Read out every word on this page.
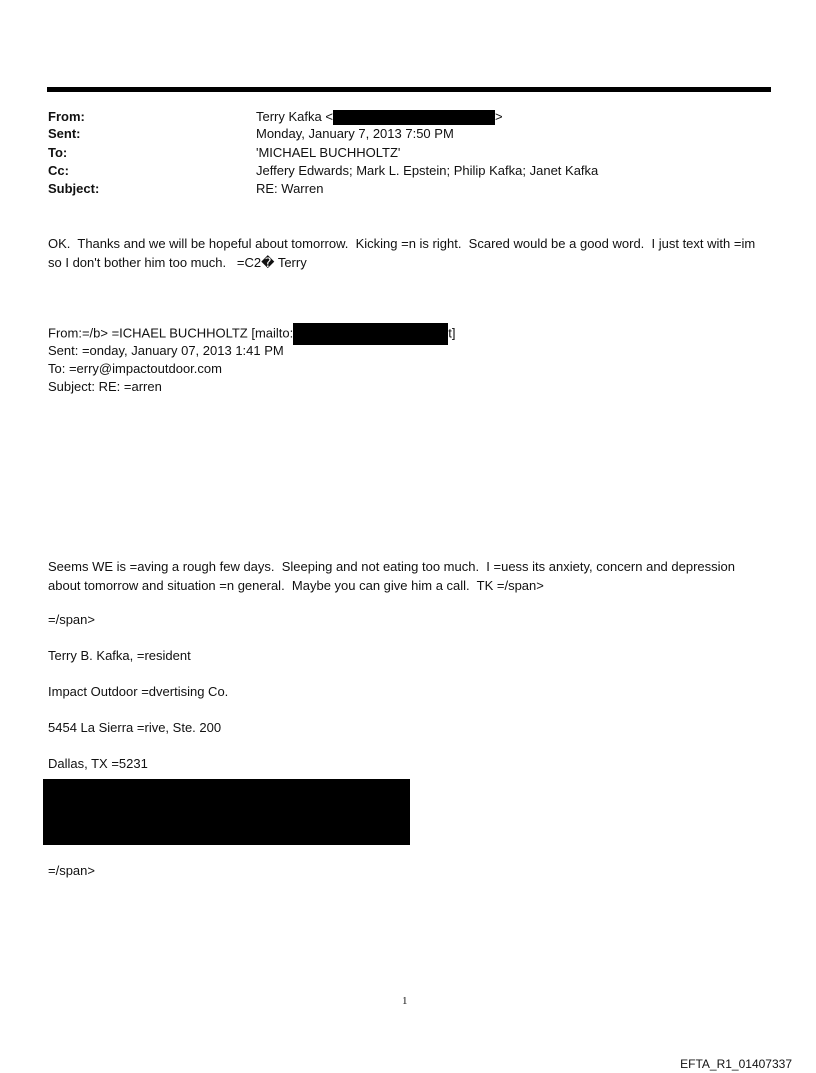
From:	Terry Kafka <	>
Sent:	Monday, January 7, 2013 7:50 PM
To:	'MICHAEL BUCHHOLTZ'
Cc:	Jeffery Edwards; Mark L. Epstein; Philip Kafka; Janet Kafka
Subject:	RE: Warren
OK.  Thanks and we will be hopeful about tomorrow.  Kicking =n is right.  Scared would be a good word.  I just text with =im so I don't bother him too much.   =C2� Terry
From:=/b> =ICHAEL BUCHHOLTZ [mailto:	t]
Sent: =onday, January 07, 2013 1:41 PM
To: =erry@impactoutdoor.com
Subject: RE: =arren
Seems WE is =aving a rough few days.  Sleeping and not eating too much.  I =uess its anxiety, concern and depression about tomorrow and situation =n general.  Maybe you can give him a call.  TK =/span>
=/span>
Terry B. Kafka, =resident
Impact Outdoor =dvertising Co.
5454 La Sierra =rive, Ste. 200
Dallas, TX =5231
=/span>
1
EFTA_R1_01407337
